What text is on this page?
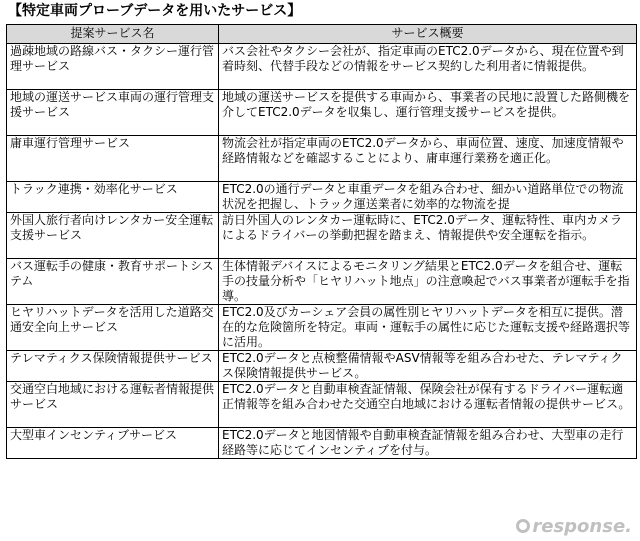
【特定車両プローブデータを用いたサービス】
提案サービス名	サービス概要
過疎地域の路線バス・タクシー運行管理サービス	バス会社やタクシー会社が、指定車両のETC2.0データから、現在位置や到着時刻、代替手段などの情報をサービス契約した利用者に情報提供。
地域の運送サービス車両の運行管理支援サービス	地域の運送サービスを提供する車両から、事業者の民地に設置した路側機を介してETC2.0データを収集し、運行管理支援サービスを提供。
庸車運行管理サービス	物流会社が指定車両のETC2.0データから、車両位置、速度、加速度情報や経路情報などを確認することにより、庸車運行業務を適正化。
トラック連携・効率化サービス	ETC2.0の通行データと車重データを組み合わせ、細かい道路単位での物流状況を把握し、トラック運送業者に効率的な物流を提
外国人旅行者向けレンタカー安全運転支援サービス	訪日外国人のレンタカー運転時に、ETC2.0データ、運転特性、車内カメラによるドライバーの挙動把握を踏まえ、情報提供や安全運転を指示。
バス運転手の健康・教育サポートシステム	生体情報デバイスによるモニタリング結果とETC2.0データを組合せ、運転手の技量分析や「ヒヤリハット地点」の注意喚起でバス事業者が運転手を指導。
ヒヤリハットデータを活用した道路交通安全向上サービス	ETC2.0及びカーシェア会員の属性別ヒヤリハットデータを相互に提供。潜在的な危険箇所を特定。車両・運転手の属性に応じた運転支援や経路選択等に活用。
テレマティクス保険情報提供サービス	ETC2.0データと点検整備情報やASV情報等を組み合わせた、テレマティクス保険情報提供サービス。
交通空白地域における運転者情報提供サービス	ETC2.0データと自動車検査証情報、保険会社が保有するドライバー運転適正情報等を組み合わせた交通空白地域における運転者情報の提供サービス。
大型車インセンティブサービス	ETC2.0データと地図情報や自動車検査証情報を組み合わせ、大型車の走行経路等に応じてインセンティブを付与。
response.
